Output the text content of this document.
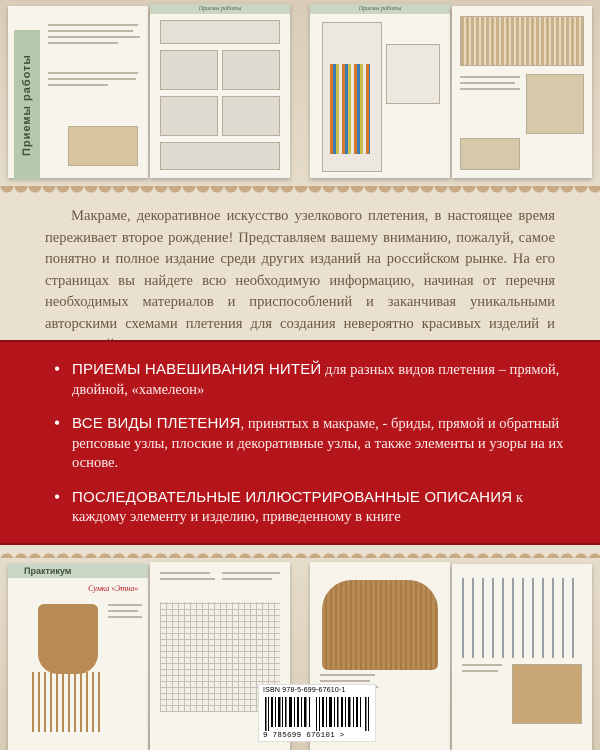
Приемы работы
Приемы работы	Приемы работы

Макраме, декоративное искусство узелкового плетения, в настоящее время переживает второе рождение! Представляем вашему вниманию, пожалуй, самое понятно и полное издание среди других изданий на российском рынке. На его страницах вы найдете всю необходимую информацию, начиная от перечня необходимых материалов и приспособлений и заканчивая уникальными авторскими схемами плетения для создания невероятно красивых изделий и

• ПРИЕМЫ НАВЕШИВАНИЯ НИТЕЙ для разных видов плетения – прямой, двойной, «хамелеон»
• ВСЕ ВИДЫ ПЛЕТЕНИЯ, принятых в макраме, - бриды, прямой и обратный репсовые узлы, плоские и декоративные узлы, а также элементы и узоры на их основе.
• ПОСЛЕДОВАТЕЛЬНЫЕ ИЛЛЮСТРИРОВАННЫЕ ОПИСАНИЯ к каждому элементу и изделию, приведенному в книге
Практикум
Сумка «Этно»
ISBN 978-5-699-67610-1
9 785699 676101 >
